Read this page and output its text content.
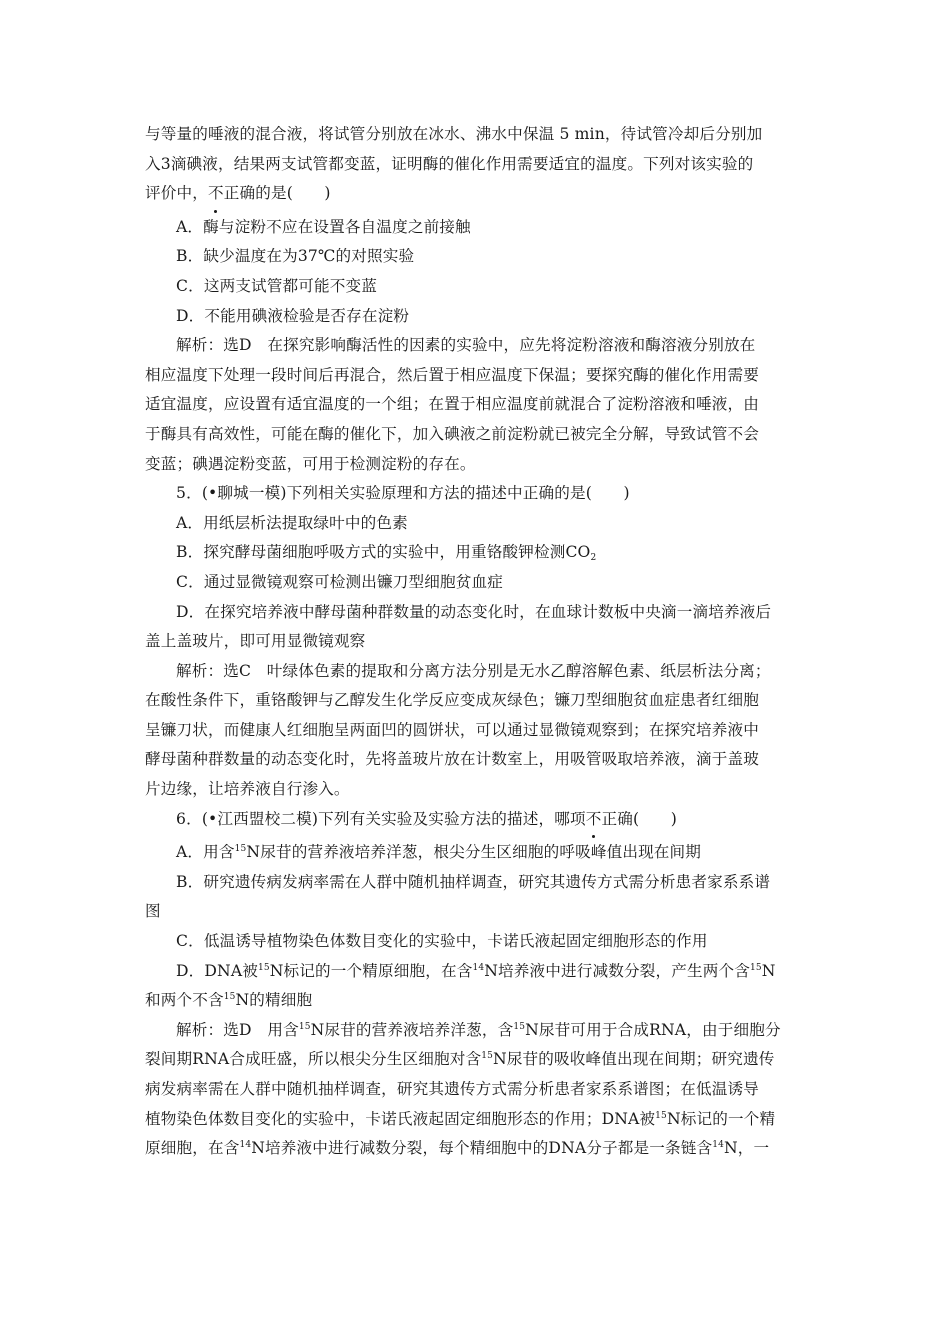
与等量的唾液的混合液，将试管分别放在冰水、沸水中保温 5 min，待试管冷却后分别加
入3滴碘液，结果两支试管都变蓝，证明酶的催化作用需要适宜的温度。下列对该实验的
评价中，不正确的是(　　)
A．酶与淀粉不应在设置各自温度之前接触
B．缺少温度在为37℃的对照实验
C．这两支试管都可能不变蓝
D．不能用碘液检验是否存在淀粉
解析：选D　在探究影响酶活性的因素的实验中，应先将淀粉溶液和酶溶液分别放在
相应温度下处理一段时间后再混合，然后置于相应温度下保温；要探究酶的催化作用需要
适宜温度，应设置有适宜温度的一个组；在置于相应温度前就混合了淀粉溶液和唾液，由
于酶具有高效性，可能在酶的催化下，加入碘液之前淀粉就已被完全分解，导致试管不会
变蓝；碘遇淀粉变蓝，可用于检测淀粉的存在。
5．(•聊城一模)下列相关实验原理和方法的描述中正确的是(　　)
A．用纸层析法提取绿叶中的色素
B．探究酵母菌细胞呼吸方式的实验中，用重铬酸钾检测$CO_2$
C．通过显微镜观察可检测出镰刀型细胞贫血症
D．在探究培养液中酵母菌种群数量的动态变化时，在血球计数板中央滴一滴培养液后
盖上盖玻片，即可用显微镜观察
解析：选C　叶绿体色素的提取和分离方法分别是无水乙醇溶解色素、纸层析法分离；
在酸性条件下，重铬酸钾与乙醇发生化学反应变成灰绿色；镰刀型细胞贫血症患者红细胞
呈镰刀状，而健康人红细胞呈两面凹的圆饼状，可以通过显微镜观察到；在探究培养液中
酵母菌种群数量的动态变化时，先将盖玻片放在计数室上，用吸管吸取培养液，滴于盖玻
片边缘，让培养液自行渗入。
6．(•江西盟校二模)下列有关实验及实验方法的描述，哪项不正确(　　)
A．用含$^{15}$N尿苷的营养液培养洋葱，根尖分生区细胞的呼吸峰值出现在间期
B．研究遗传病发病率需在人群中随机抽样调查，研究其遗传方式需分析患者家系系谱
图
C．低温诱导植物染色体数目变化的实验中，卡诺氏液起固定细胞形态的作用
D．DNA被$^{15}$N标记的一个精原细胞，在含$^{14}$N培养液中进行减数分裂，产生两个含$^{15}$N
和两个不含$^{15}$N的精细胞
解析：选D　用含$^{15}$N尿苷的营养液培养洋葱，含$^{15}$N尿苷可用于合成RNA，由于细胞分
裂间期RNA合成旺盛，所以根尖分生区细胞对含$^{15}$N尿苷的吸收峰值出现在间期；研究遗传
病发病率需在人群中随机抽样调查，研究其遗传方式需分析患者家系系谱图；在低温诱导
植物染色体数目变化的实验中，卡诺氏液起固定细胞形态的作用；DNA被$^{15}$N标记的一个精
原细胞，在含$^{14}$N培养液中进行减数分裂，每个精细胞中的DNA分子都是一条链含$^{14}$N，一
